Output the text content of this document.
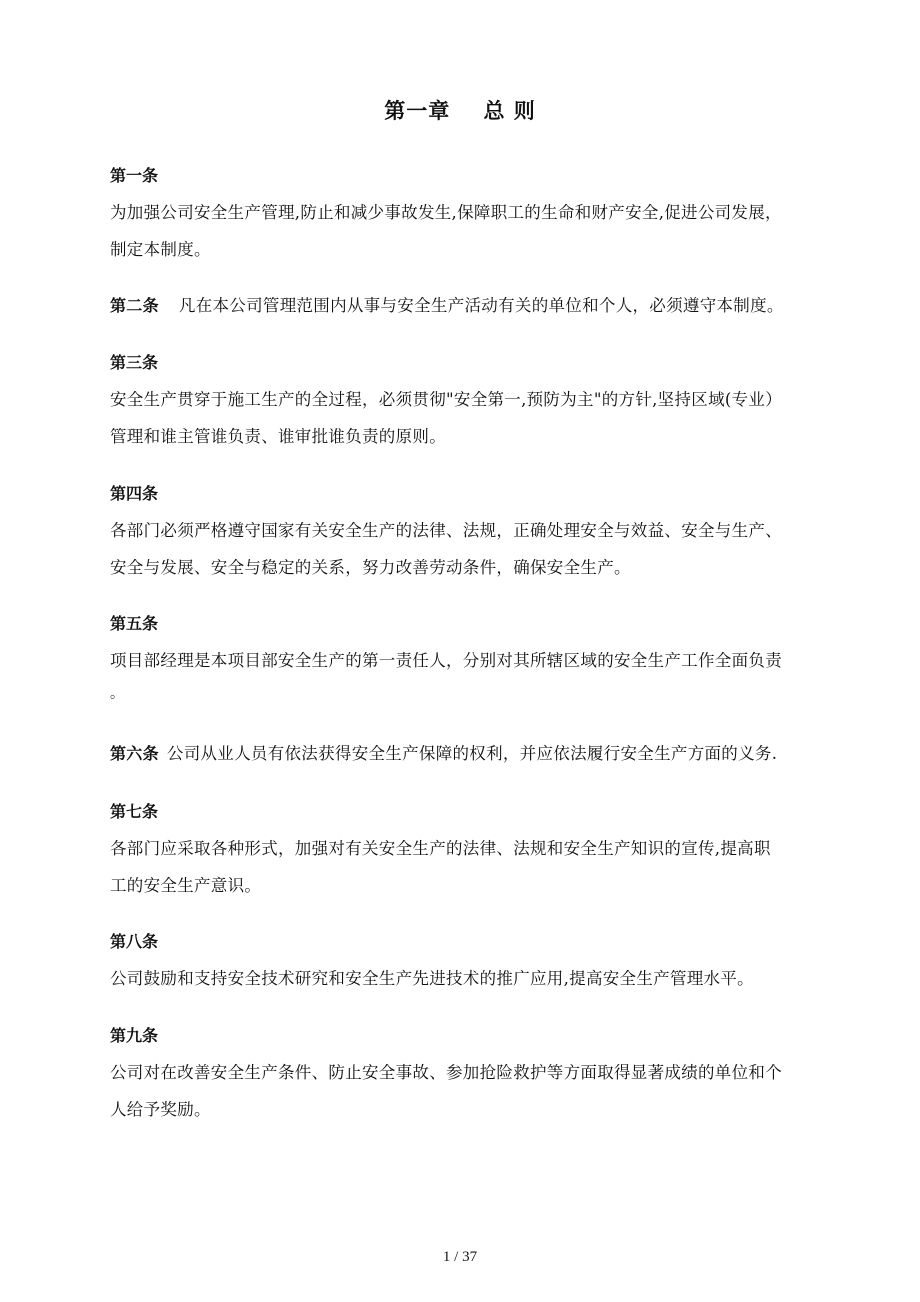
第一章    总 则
第一条
为加强公司安全生产管理,防止和减少事故发生,保障职工的生命和财产安全,促进公司发展，
制定本制度。
第二条 凡在本公司管理范围内从事与安全生产活动有关的单位和个人，必须遵守本制度。
第三条
安全生产贯穿于施工生产的全过程，必须贯彻"安全第一,预防为主"的方针,坚持区域(专业）
管理和谁主管谁负责、谁审批谁负责的原则。
第四条
各部门必须严格遵守国家有关安全生产的法律、法规，正确处理安全与效益、安全与生产、
安全与发展、安全与稳定的关系，努力改善劳动条件，确保安全生产。
第五条
项目部经理是本项目部安全生产的第一责任人，分别对其所辖区域的安全生产工作全面负责
。
第六条 公司从业人员有依法获得安全生产保障的权利，并应依法履行安全生产方面的义务.
第七条
各部门应采取各种形式，加强对有关安全生产的法律、法规和安全生产知识的宣传,提高职
工的安全生产意识。
第八条
公司鼓励和支持安全技术研究和安全生产先进技术的推广应用,提高安全生产管理水平。
第九条
公司对在改善安全生产条件、防止安全事故、参加抢险救护等方面取得显著成绩的单位和个
人给予奖励。
1 / 37
